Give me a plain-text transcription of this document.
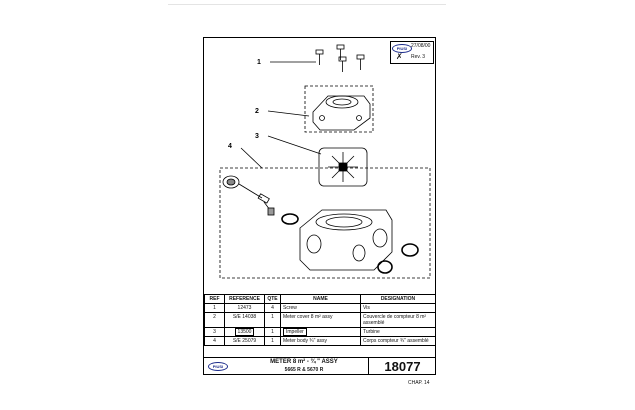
1
2
3
4
PIUSI 27/08/00
✗ Rev. 3
REF	REFERENCE	QTE	NAME	DESIGNATION
1	12473	4	Screw	Vis
2	S/E 14038	1	Meter cover 8 m² assy	Couvercle de compteur 8 m² assemblé
3	13500	1	Impeller	Turbine
4	S/E 25079	1	Meter body ¾" assy	Corps compteur ¾" assemblé
PIUSI
METER 8 m² - ¾ " ASSY
5665 R & 5670 R	18077
CHAP. 14
